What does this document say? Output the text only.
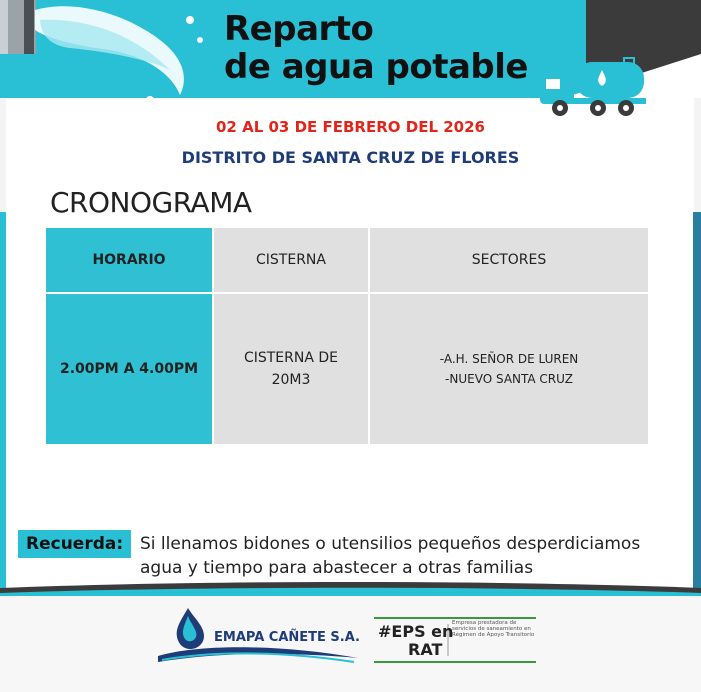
Reparto
de agua potable
02 AL 03 DE FEBRERO DEL 2026
DISTRITO DE SANTA CRUZ DE FLORES
CRONOGRAMA
HORARIO	CISTERNA	SECTORES
2.00PM A 4.00PM	CISTERNA DE 20M3	-A.H. SEÑOR DE LUREN
-NUEVO SANTA CRUZ
Recuerda: Si llenamos bidones o utensilios pequeños desperdiciamos agua y tiempo para abastecer a otras familias
EMAPA CAÑETE S.A. #EPS en
RAT
Empresa prestadora de servicios de saneamiento en Régimen de Apoyo Transitorio
